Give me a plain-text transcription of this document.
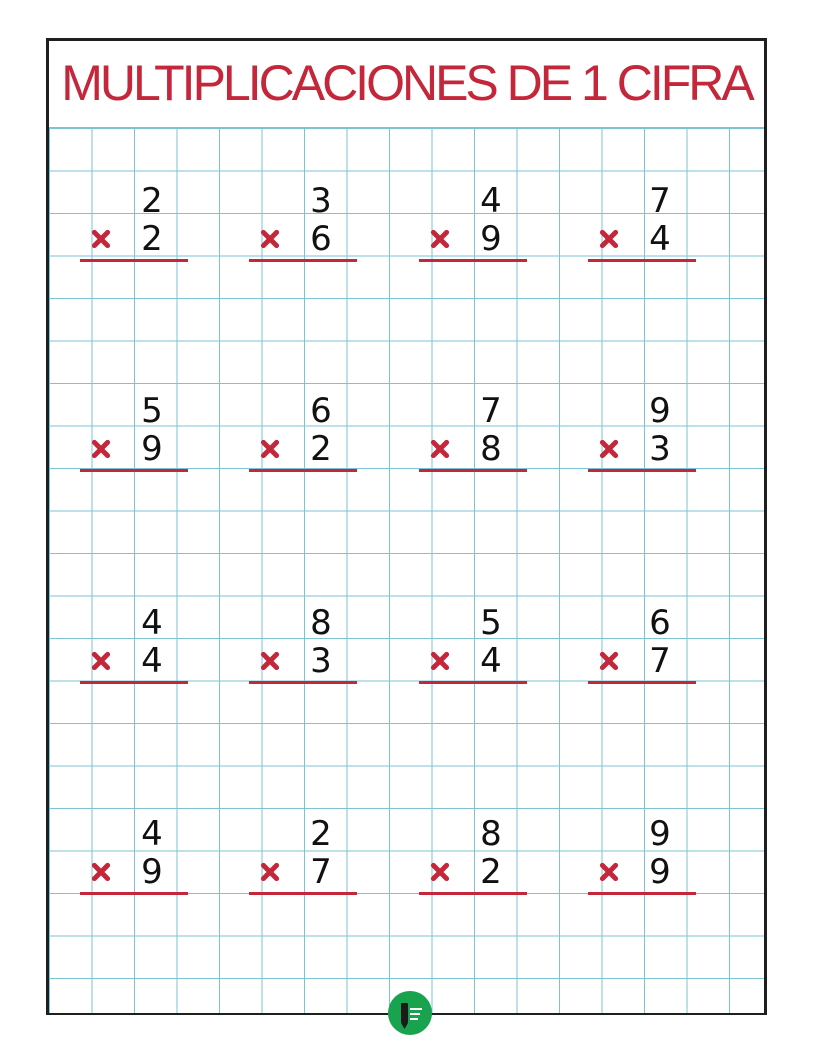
MULTIPLICACIONES DE 1 CIFRA
2
2
3
6
4
9
7
4
5
9
6
2
7
8
9
3
4
4
8
3
5
4
6
7
4
9
2
7
8
2
9
9
